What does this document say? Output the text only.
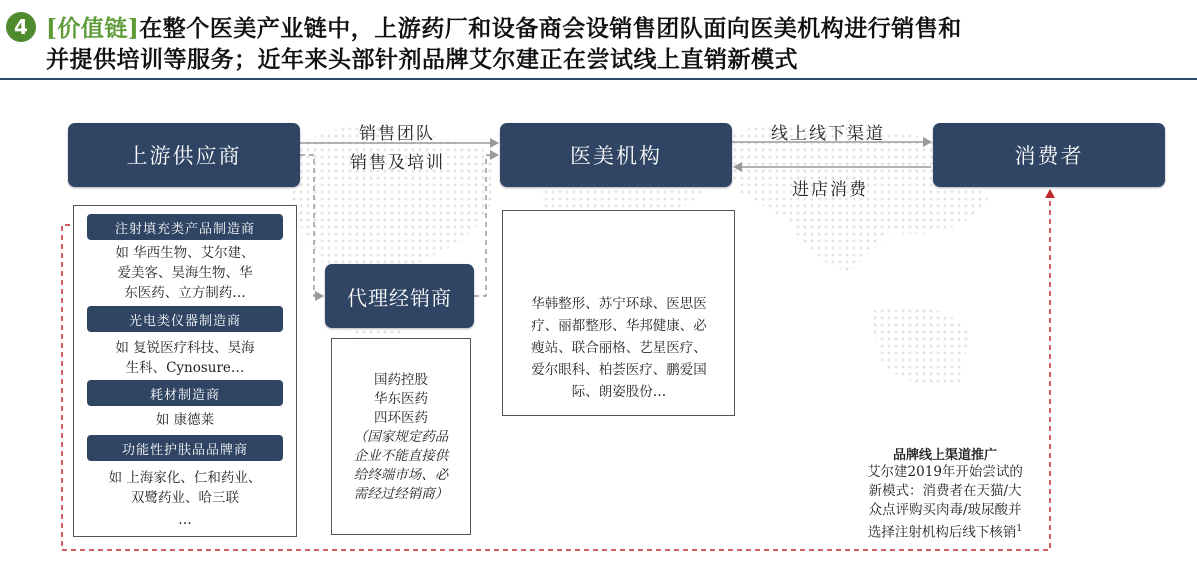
4 [价值链]在整个医美产业链中，上游药厂和设备商会设销售团队面向医美机构进行销售和
并提供培训等服务；近年来头部针剂品牌艾尔建正在尝试线上直销新模式
销售团队
销售及培训
线上线下渠道
进店消费
上游供应商	医美机构	消费者
代理经销商
注射填充类产品制造商
如 华西生物、艾尔建、
爱美客、昊海生物、华
东医药、立方制药…
光电类仪器制造商
如 复锐医疗科技、昊海
生科、Cynosure…
耗材制造商
如 康德莱
功能性护肤品品牌商
如 上海家化、仁和药业、
双鹭药业、哈三联
…
国药控股
华东医药
四环医药
（国家规定药品
企业不能直接供
给终端市场、必
需经过经销商）
华韩整形、苏宁环球、医思医
疗、丽都整形、华邦健康、必
瘦站、联合丽格、艺星医疗、
爱尔眼科、柏荟医疗、鹏爱国
际、朗姿股份…
品牌线上渠道推广
艾尔建2019年开始尝试的
新模式：消费者在天猫/大
众点评购买肉毒/玻尿酸并
选择注射机构后线下核销$^1$
